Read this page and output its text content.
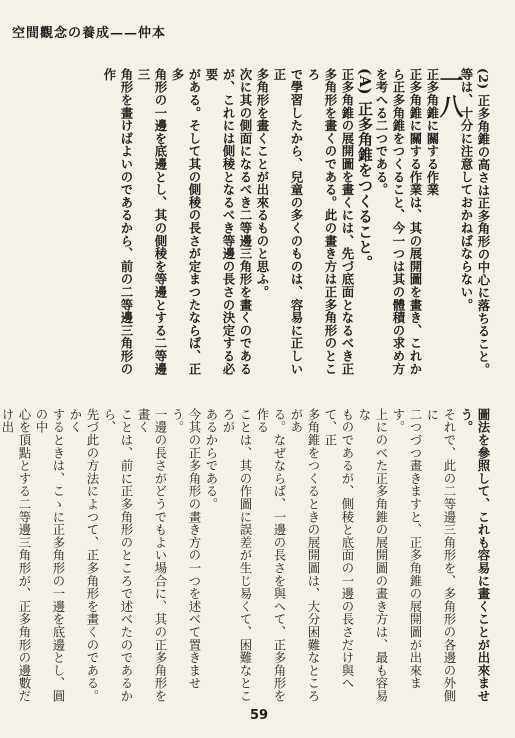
空間觀念の養成——仲本

(2) 正多角錐の高さは正多角形の中心に落ちること。

等は、十分に注意しておかねばならない。

一八

正多角錐に關する作業

正多角錐に關する作業は、其の展開圖を畫き、これか

ら正多角錐をつくること、今一つは其の體積の求め方

を考へる二つである。

(A) 正多角錐をつくること。

正多角錐の展開圖を畫くには、先づ底面となるべき正

多角形を畫くのである。此の畫き方は正多角形のところ

で學習したから、兒童の多くのものは、容易に正しい正

多角形を畫くことが出來るものと思ふ。

次に其の側面になるべき二等邊三角形を畫くのである

が、これには側稜となるべき等邊の長さの決定する必要

がある。そして其の側稜の長さが定まつたならば、正多

角形の一邊を底邊とし、其の側稜を等邊とする二等邊三

角形を畫けばよいのであるから、前の二等邊三角形の作

圖法を參照して、これも容易に畫くことが出來ませう。

それで、此の二等邊三角形を、多角形の各邊の外側に

二つづつ畫きますと、正多角錐の展開圖が出來ます。

上にのべた正多角錐の展開圖の畫き方は、最も容易な

ものであるが、側稜と底面の一邊の長さだけ與へて、正

多角錐をつくるときの展開圖は、大分困難なところがあ

る。なぜならば、一邊の長さを與へて、正多角形を作る

ことは、其の作圖に誤差が生じ易くて、困難なところが

あるからである。

今其の正多角形の畫き方の一つを述べて置きませう。

一邊の長さがどうでもよい場合に、其の正多角形を畫く

ことは、前に正多角形のところで述べたのであるから、

先づ此の方法によつて、正多角形を畫くのである。かく

するときは、こゝに正多角形の一邊を底邊とし、圓の中

心を頂點とする二等邊三角形が、正多角形の邊數だけ出

59
